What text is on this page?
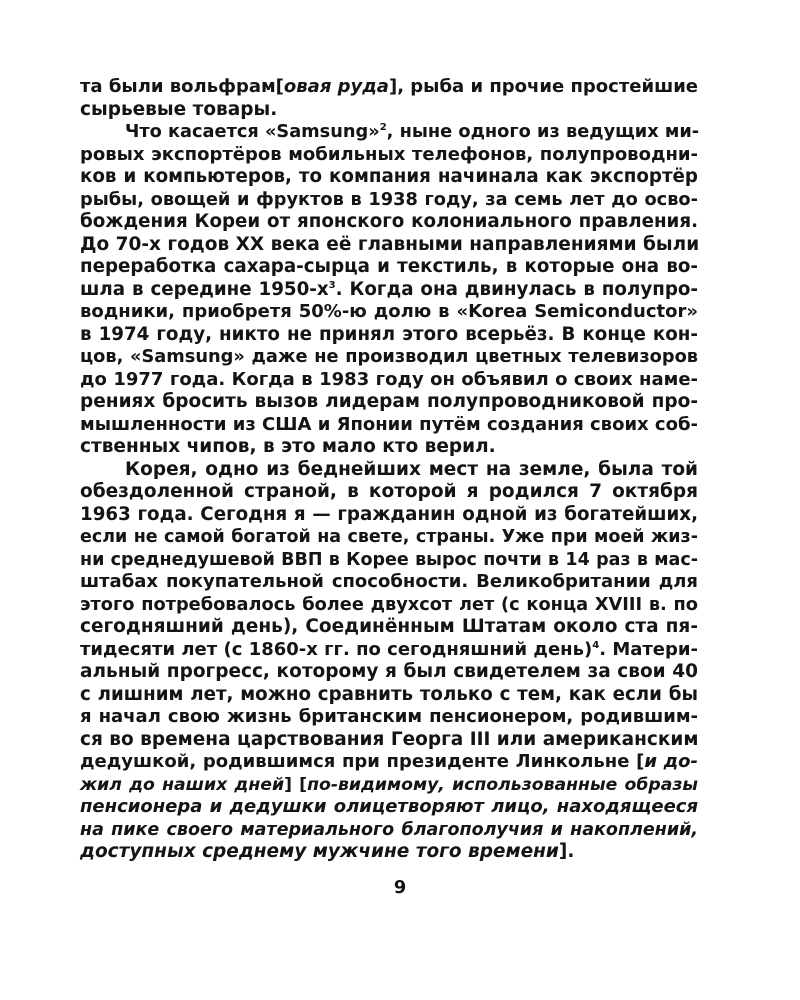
та были вольфрам[овая руда], рыба и прочие простейшие
сырьевые товары.
Что касается «Samsung»$^2$, ныне одного из ведущих ми-
ровых экспортёров мобильных телефонов, полупроводни-
ков и компьютеров, то компания начинала как экспортёр
рыбы, овощей и фруктов в 1938 году, за семь лет до осво-
бождения Кореи от японского колониального правления.
До 70-х годов XX века её главными направлениями были
переработка сахара-сырца и текстиль, в которые она во-
шла в середине $1950-х^3$. Когда она двинулась в полупро-
водники, приобретя 50%-ю долю в «Korea Semiconductor»
в 1974 году, никто не принял этого всерьёз. В конце кон-
цов, «Samsung» даже не производил цветных телевизоров
до 1977 года. Когда в 1983 году он объявил о своих наме-
рениях бросить вызов лидерам полупроводниковой про-
мышленности из США и Японии путём создания своих соб-
ственных чипов, в это мало кто верил.
Корея, одно из беднейших мест на земле, была той
обездоленной страной, в которой я родился 7 октября
1963 года. Сегодня я — гражданин одной из богатейших,
если не самой богатой на свете, страны. Уже при моей жиз-
ни среднедушевой ВВП в Корее вырос почти в 14 раз в мас-
штабах покупательной способности. Великобритании для
этого потребовалось более двухсот лет (с конца XVIII в. по
сегодняшний день), Соединённым Штатам около ста пя-
тидесяти лет (с 1860-х гг. по сегодняшний день)$^4$. Матери-
альный прогресс, которому я был свидетелем за свои 40
с лишним лет, можно сравнить только с тем, как если бы
я начал свою жизнь британским пенсионером, родившим-
ся во времена царствования Георга III или американским
дедушкой, родившимся при президенте Линкольне [и до-
жил до наших дней] [по-видимому, использованные образы
пенсионера и дедушки олицетворяют лицо, находящееся
на пике своего материального благополучия и накоплений,
доступных среднему мужчине того времени].
9
